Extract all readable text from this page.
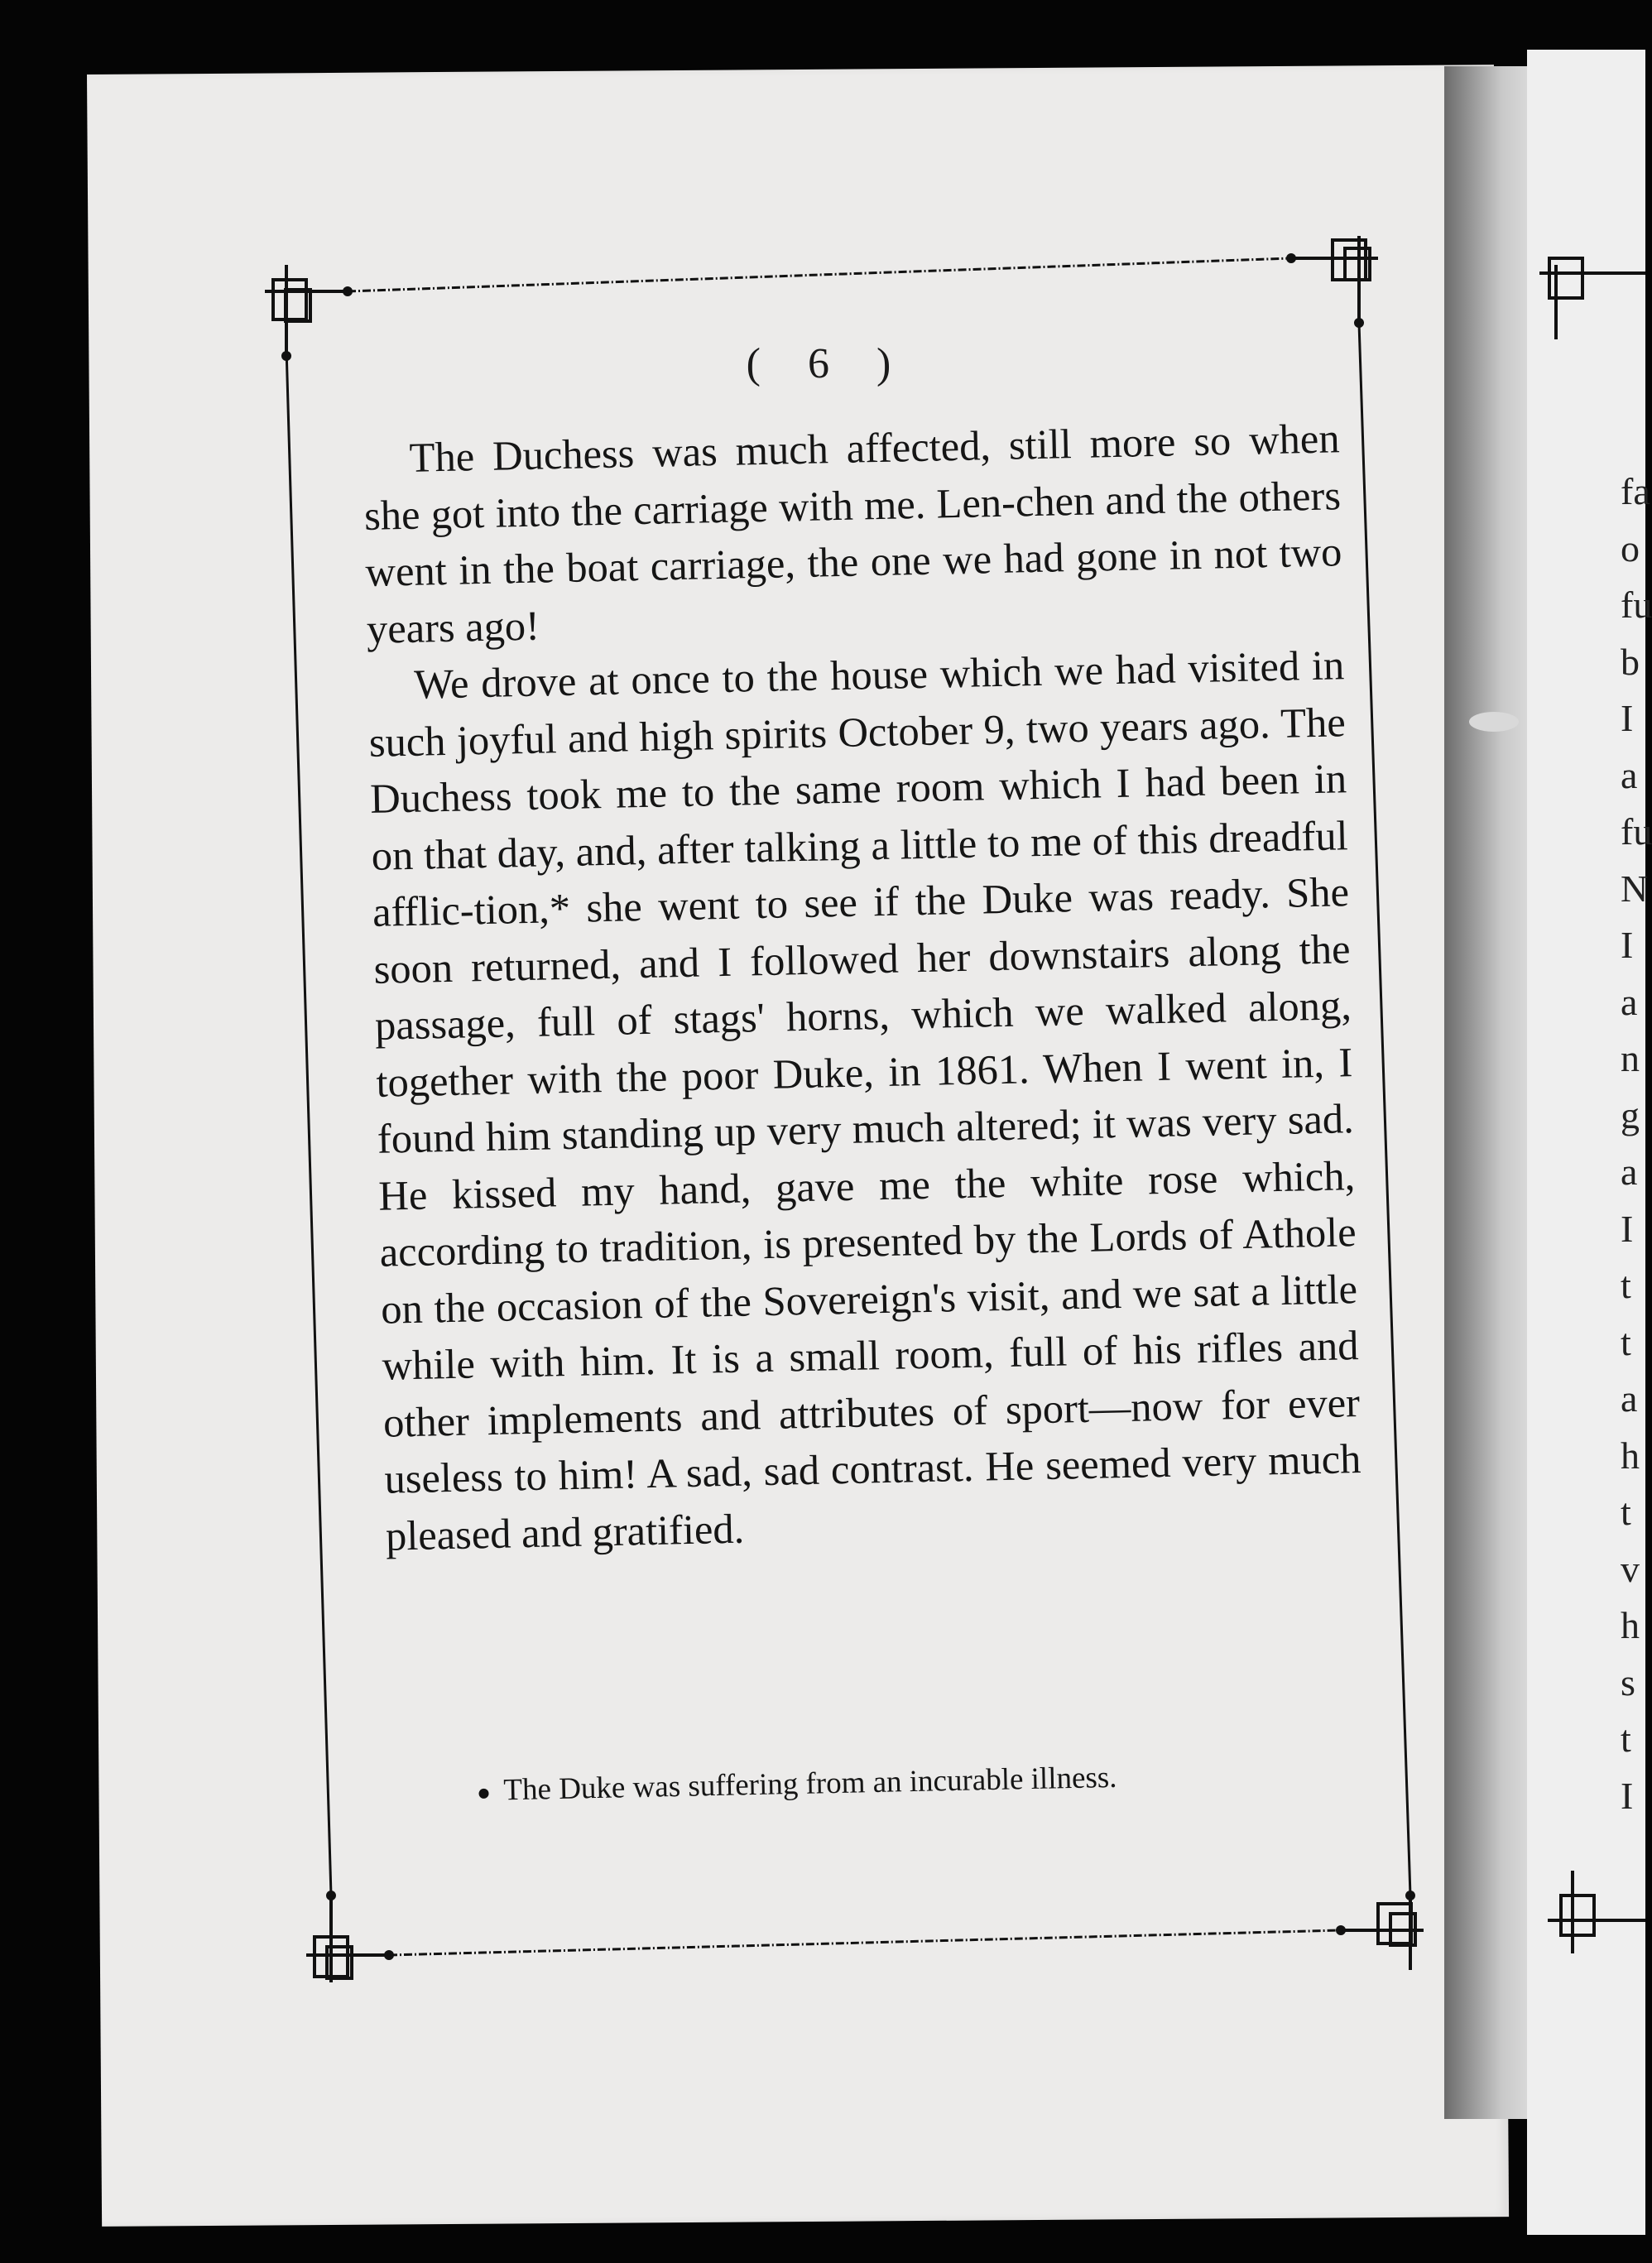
fa
o
fu
b
I
a
fu
N
I
a
n
g
a
I
t
t
a
h
t
v
h
s
t
I
( 6 )

The Duchess was much affected, still more so when she got into the carriage with me. Len-chen and the others went in the boat carriage, the one we had gone in not two years ago!

We drove at once to the house which we had visited in such joyful and high spirits October 9, two years ago. The Duchess took me to the same room which I had been in on that day, and, after talking a little to me of this dreadful afflic-tion,* she went to see if the Duke was ready. She soon returned, and I followed her downstairs along the passage, full of stags' horns, which we walked along, together with the poor Duke, in 1861. When I went in, I found him standing up very much altered; it was very sad. He kissed my hand, gave me the white rose which, according to tradition, is presented by the Lords of Athole on the occasion of the Sovereign's visit, and we sat a little while with him. It is a small room, full of his rifles and other implements and attributes of sport—now for ever useless to him! A sad, sad contrast. He seemed very much pleased and gratified.

The Duke was suffering from an incurable illness.
